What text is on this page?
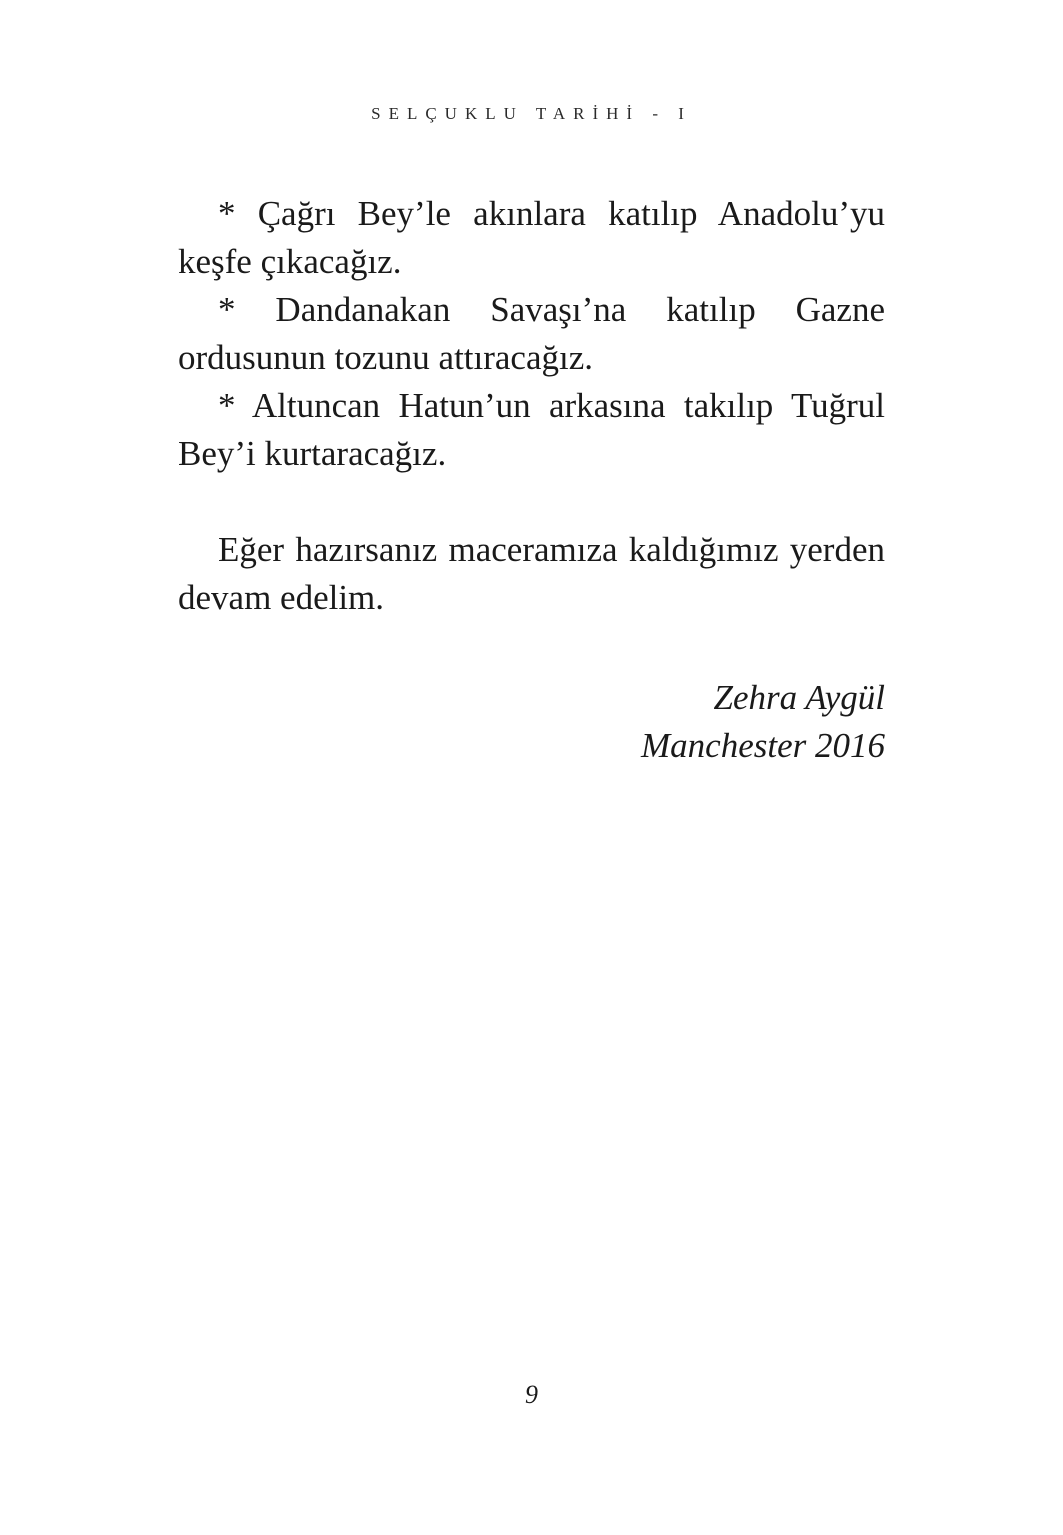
SELÇUKLU TARİHİ - I

* Çağrı Bey’le akınlara katılıp Anadolu’yu keşfe çıkacağız.

* Dandanakan Savaşı’na katılıp Gazne ordusunun tozunu attıracağız.

* Altuncan Hatun’un arkasına takılıp Tuğrul Bey’i kurtaracağız.

Eğer hazırsanız maceramıza kaldığımız yerden devam edelim.

Zehra Aygül
Manchester 2016
9
